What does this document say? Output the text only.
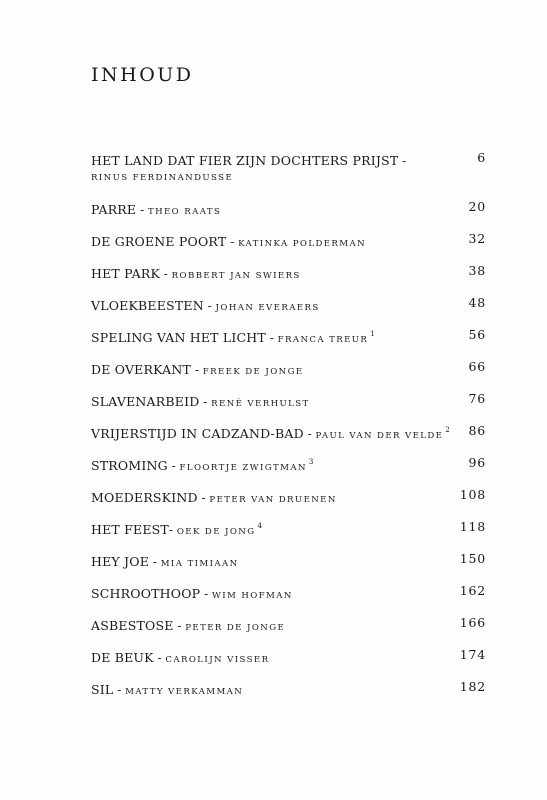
INHOUD
HET LAND DAT FIER ZIJN DOCHTERS PRIJST -
RINUS FERDINANDUSSE
6
PARRE - THEO RAATS	20
DE GROENE POORT - KATINKA POLDERMAN	32
HET PARK - ROBBERT JAN SWIERS	38
VLOEKBEESTEN - JOHAN EVERAERS	48
SPELING VAN HET LICHT - FRANCA TREUR$^1$	56
DE OVERKANT - FREEK DE JONGE	66
SLAVENARBEID - RENÉ VERHULST	76
VRIJERSTIJD IN CADZAND-BAD - PAUL VAN DER VELDE$^2$ 86
STROMING - FLOORTJE ZWIGTMAN$^3$	96
MOEDERSKIND - PETER VAN DRUENEN	108
HET FEEST- OEK DE JONG$^4$	118
HEY JOE - MIA TIMIAAN	150
SCHROOTHOOP - WIM HOFMAN	162
ASBESTOSE - PETER DE JONGE	166
DE BEUK - CAROLIJN VISSER	174
SIL - MATTY VERKAMMAN	182
